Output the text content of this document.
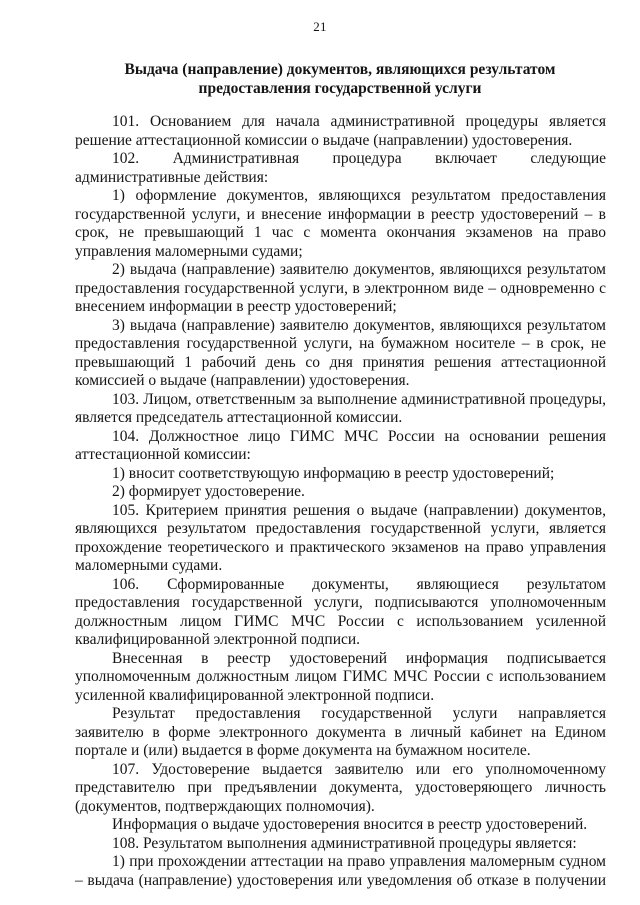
21
Выдача (направление) документов, являющихся результатом
предоставления государственной услуги

101. Основанием для начала административной процедуры является решение аттестационной комиссии о выдаче (направлении) удостоверения.

102. Административная процедура включает следующие административные действия:

1) оформление документов, являющихся результатом предоставления государственной услуги, и внесение информации в реестр удостоверений – в срок, не превышающий 1 час с момента окончания экзаменов на право управления маломерными судами;

2) выдача (направление) заявителю документов, являющихся результатом предоставления государственной услуги, в электронном виде – одновременно с внесением информации в реестр удостоверений;

3) выдача (направление) заявителю документов, являющихся результатом предоставления государственной услуги, на бумажном носителе – в срок, не превышающий 1 рабочий день со дня принятия решения аттестационной комиссией о выдаче (направлении) удостоверения.

103. Лицом, ответственным за выполнение административной процедуры, является председатель аттестационной комиссии.

104. Должностное лицо ГИМС МЧС России на основании решения аттестационной комиссии:

1) вносит соответствующую информацию в реестр удостоверений;

2) формирует удостоверение.

105. Критерием принятия решения о выдаче (направлении) документов, являющихся результатом предоставления государственной услуги, является прохождение теоретического и практического экзаменов на право управления маломерными судами.

106. Сформированные документы, являющиеся результатом предоставления государственной услуги, подписываются уполномоченным должностным лицом ГИМС МЧС России с использованием усиленной квалифицированной электронной подписи.

Внесенная в реестр удостоверений информация подписывается уполномоченным должностным лицом ГИМС МЧС России с использованием усиленной квалифицированной электронной подписи.

Результат предоставления государственной услуги направляется заявителю в форме электронного документа в личный кабинет на Едином портале и (или) выдается в форме документа на бумажном носителе.

107. Удостоверение выдается заявителю или его уполномоченному представителю при предъявлении документа, удостоверяющего личность (документов, подтверждающих полномочия).

Информация о выдаче удостоверения вносится в реестр удостоверений.

108. Результатом выполнения административной процедуры является:

1) при прохождении аттестации на право управления маломерным судном – выдача (направление) удостоверения или уведомления об отказе в получении
